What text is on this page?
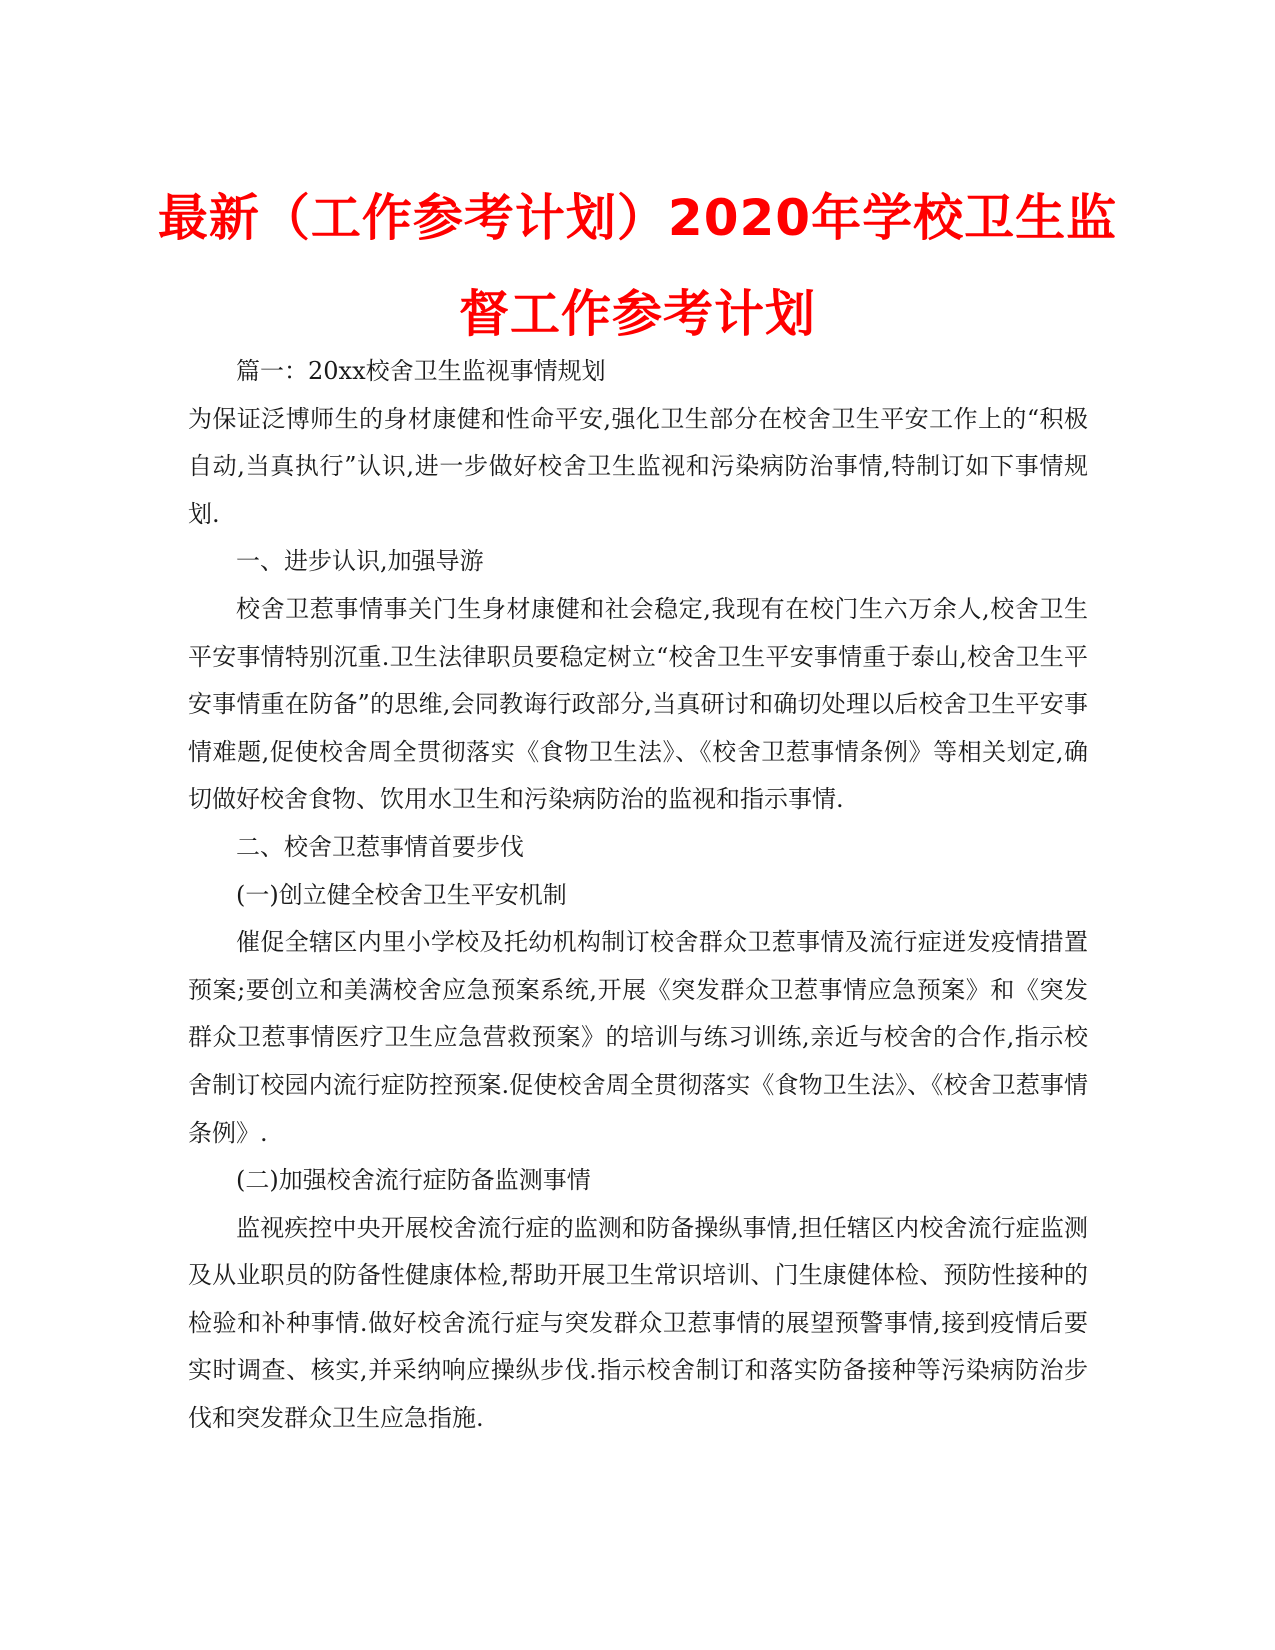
最新（工作参考计划）2020年学校卫生监督工作参考计划

篇一：20xx校舍卫生监视事情规划

为保证泛博师生的身材康健和性命平安,强化卫生部分在校舍卫生平安工作上的“积极自动,当真执行”认识,进一步做好校舍卫生监视和污染病防治事情,特制订如下事情规划.

一、进步认识,加强导游

校舍卫惹事情事关门生身材康健和社会稳定,我现有在校门生六万余人,校舍卫生平安事情特别沉重.卫生法律职员要稳定树立“校舍卫生平安事情重于泰山,校舍卫生平安事情重在防备”的思维,会同教诲行政部分,当真研讨和确切处理以后校舍卫生平安事情难题,促使校舍周全贯彻落实《食物卫生法》、《校舍卫惹事情条例》等相关划定,确切做好校舍食物、饮用水卫生和污染病防治的监视和指示事情.

二、校舍卫惹事情首要步伐

(一)创立健全校舍卫生平安机制

催促全辖区内里小学校及托幼机构制订校舍群众卫惹事情及流行症迸发疫情措置预案;要创立和美满校舍应急预案系统,开展《突发群众卫惹事情应急预案》和《突发群众卫惹事情医疗卫生应急营救预案》的培训与练习训练,亲近与校舍的合作,指示校舍制订校园内流行症防控预案.促使校舍周全贯彻落实《食物卫生法》、《校舍卫惹事情条例》.

(二)加强校舍流行症防备监测事情

监视疾控中央开展校舍流行症的监测和防备操纵事情,担任辖区内校舍流行症监测及从业职员的防备性健康体检,帮助开展卫生常识培训、门生康健体检、预防性接种的检验和补种事情.做好校舍流行症与突发群众卫惹事情的展望预警事情,接到疫情后要实时调查、核实,并采纳响应操纵步伐.指示校舍制订和落实防备接种等污染病防治步伐和突发群众卫生应急指施.
